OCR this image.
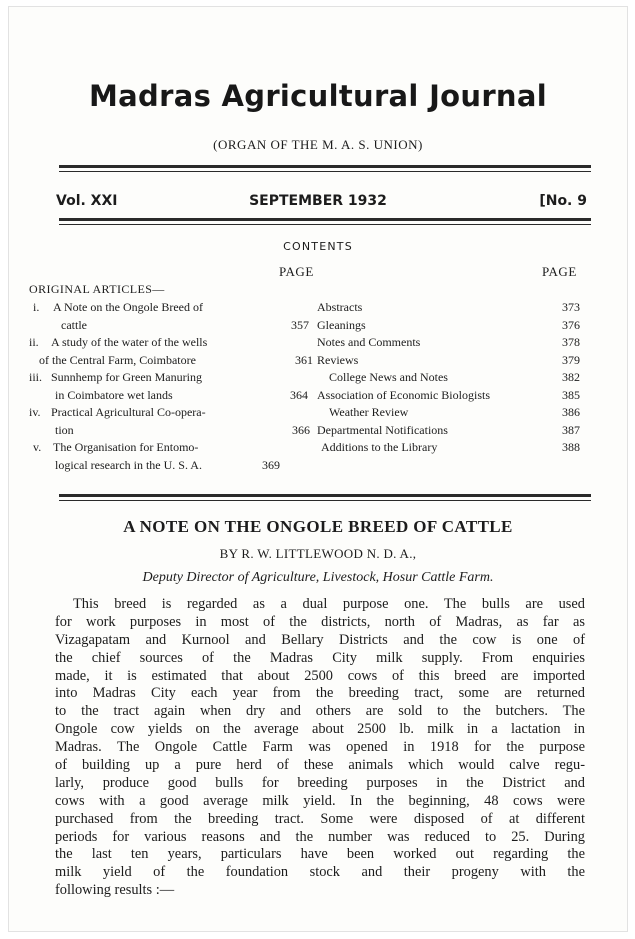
Madras Agricultural Journal
(ORGAN OF THE M. A. S. UNION)
Vol. XXI	SEPTEMBER 1932	[No. 9
CONTENTS
PAGE	PAGE
ORIGINAL ARTICLES—
i. A Note on the Ongole Breed of
cattle	357
ii. A study of the water of the wells
of the Central Farm, Coimbatore	361
iii. Sunnhemp for Green Manuring
in Coimbatore wet lands	364
iv. Practical Agricultural Co-opera-
tion	366
v. The Organisation for Entomo-
logical research in the U. S. A.	369
Abstracts	373
Gleanings	376
Notes and Comments	378
Reviews	379
College News and Notes	382
Association of Economic Biologists	385
Weather Review	386
Departmental Notifications	387
Additions to the Library	388
A NOTE ON THE ONGOLE BREED OF CATTLE
BY R. W. LITTLEWOOD N. D. A.,
Deputy Director of Agriculture, Livestock, Hosur Cattle Farm.
This breed is regarded as a dual purpose one. The bulls are used
for work purposes in most of the districts, north of Madras, as far as
Vizagapatam and Kurnool and Bellary Districts and the cow is one of
the chief sources of the Madras City milk supply. From enquiries
made, it is estimated that about 2500 cows of this breed are imported
into Madras City each year from the breeding tract, some are returned
to the tract again when dry and others are sold to the butchers. The
Ongole cow yields on the average about 2500 lb. milk in a lactation in
Madras. The Ongole Cattle Farm was opened in 1918 for the purpose
of building up a pure herd of these animals which would calve regu-
larly, produce good bulls for breeding purposes in the District and
cows with a good average milk yield. In the beginning, 48 cows were
purchased from the breeding tract. Some were disposed of at different
periods for various reasons and the number was reduced to 25. During
the last ten years, particulars have been worked out regarding the
milk yield of the foundation stock and their progeny with the
following results :—
